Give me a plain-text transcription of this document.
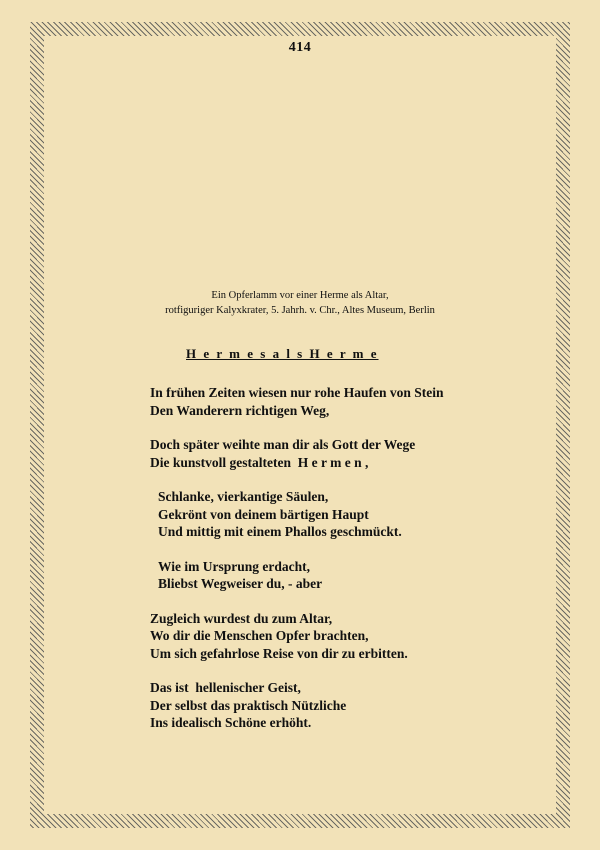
414
Ein Opferlamm vor einer Herme als Altar,
rotfiguriger Kalyxkrater, 5. Jahrh. v. Chr., Altes Museum, Berlin
H e r m e s a l s H e r m e
In frühen Zeiten wiesen nur rohe Haufen von Stein
Den Wanderern richtigen Weg,
Doch später weihte man dir als Gott der Wege
Die kunstvoll gestalteten  H e r m e n ,
Schlanke, vierkantige Säulen,
Gekrönt von deinem bärtigen Haupt
Und mittig mit einem Phallos geschmückt.
Wie im Ursprung erdacht,
Bliebst Wegweiser du, - aber
Zugleich wurdest du zum Altar,
Wo dir die Menschen Opfer brachten,
Um sich gefahrlose Reise von dir zu erbitten.
Das ist  hellenischer Geist,
Der selbst das praktisch Nützliche
Ins idealisch Schöne erhöht.
